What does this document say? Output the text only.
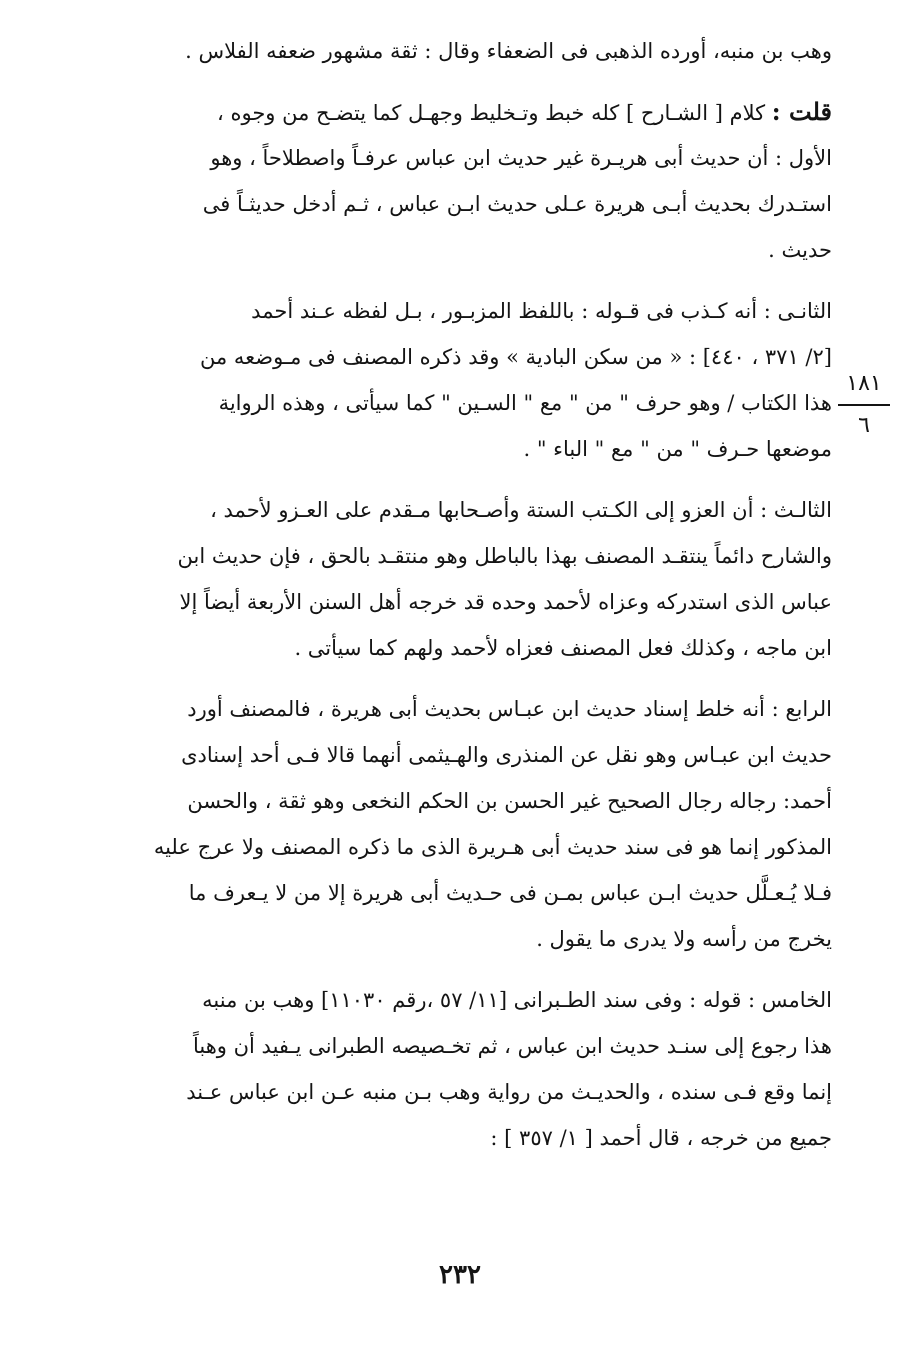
وهب بن منبه، أورده الذهبى فى الضعفاء وقال : ثقة مشهور ضعفه الفلاس .
قلت : كلام [ الشـارح ] كله خبط وتـخليط وجهـل كما يتضـح من وجوه ،
الأول : أن حديث أبى هريـرة غير حديث ابن عباس عرفـاً واصطلاحاً ، وهو
استـدرك بحديث أبـى هريرة عـلى حديث ابـن عباس ، ثـم أدخل حديثـاً فى
حديث .
الثانـى : أنه كـذب فى قـوله : باللفظ المزبـور ، بـل لفظه عـند أحمد
[٢/ ٣٧١ ، ٤٤٠] : « من سكن البادية » وقد ذكره المصنف فى مـوضعه من
هذا الكتاب / وهو حرف " من " مع " السـين " كما سيأتى ، وهذه الرواية
موضعها حـرف " من " مع " الباء " .
الثالـث : أن العزو إلى الكـتب الستة وأصـحابها مـقدم على العـزو لأحمد ،
والشارح دائماً ينتقـد المصنف بهذا بالباطل وهو منتقـد بالحق ، فإن حديث ابن
عباس الذى استدركه وعزاه لأحمد وحده قد خرجه أهل السنن الأربعة أيضاً إلا
ابن ماجه ، وكذلك فعل المصنف فعزاه لأحمد ولهم كما سيأتى .
الرابع : أنه خلط إسناد حديث ابن عبـاس بحديث أبى هريرة ، فالمصنف أورد
حديث ابن عبـاس وهو نقل عن المنذرى والهـيثمى أنهما قالا فـى أحد إسنادى
أحمد: رجاله رجال الصحيح غير الحسن بن الحكم النخعى وهو ثقة ، والحسن
المذكور إنما هو فى سند حديث أبى هـريرة الذى ما ذكره المصنف ولا عرج عليه
فـلا يُـعـلَّل حديث ابـن عباس بمـن فى حـديث أبى هريرة إلا من لا يـعرف ما
يخرج من رأسه ولا يدرى ما يقول .
الخامس : قوله : وفى سند الطـبرانى [١١/ ٥٧ ،رقم ١١٠٣٠] وهب بن منبه
هذا رجوع إلى سنـد حديث ابن عباس ، ثم تخـصيصه الطبرانى يـفيد أن وهباً
إنما وقع فـى سنده ، والحديـث من رواية وهب بـن منبه عـن ابن عباس عـند
جميع من خرجه ، قال أحمد [ ١/ ٣٥٧ ] :
١٨١
٦
٢٣٢
